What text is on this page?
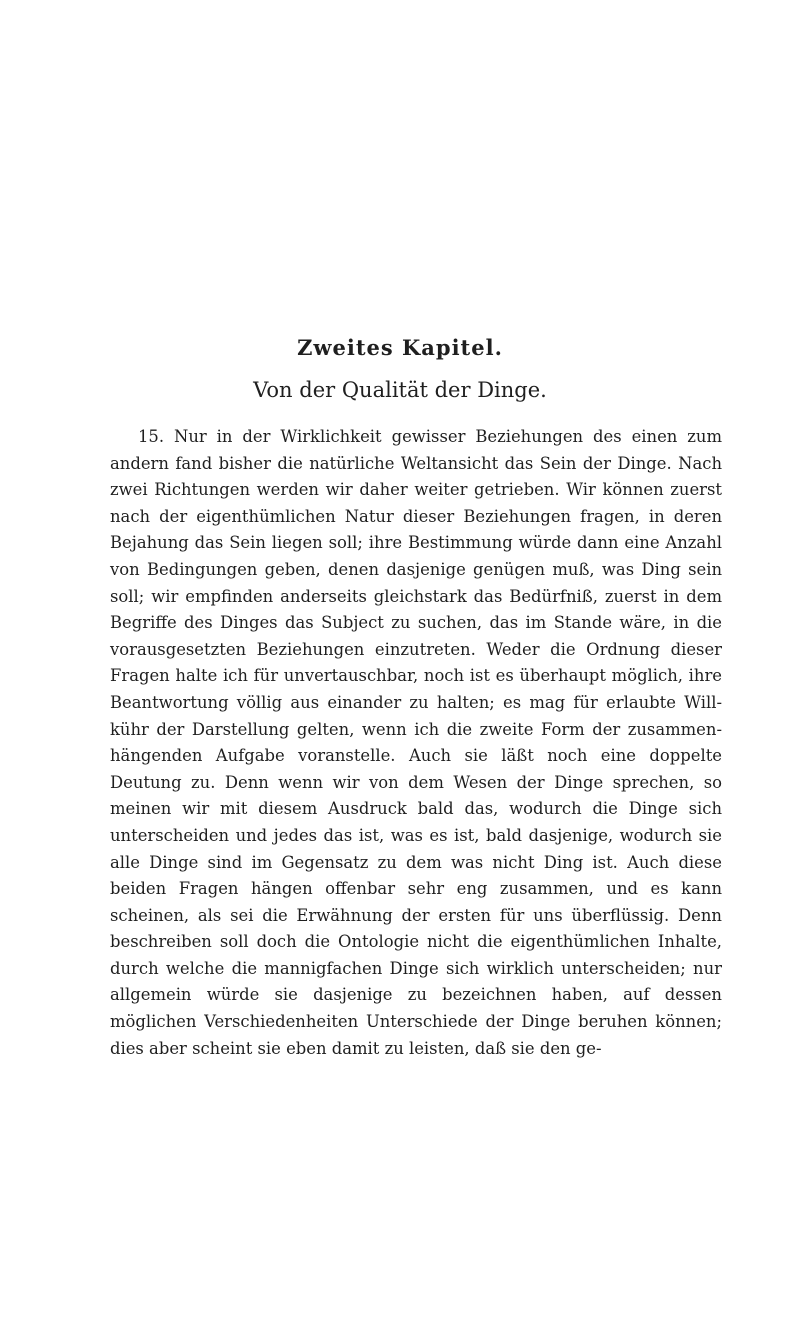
Zweites Kapitel.
Von der Qualität der Dinge.

15. Nur in der Wirklichkeit gewisser Beziehungen des einen zum andern fand bisher die natürliche Weltansicht das Sein der Dinge. Nach zwei Richtungen werden wir daher weiter getrieben. Wir können zuerst nach der eigenthümlichen Natur dieser Beziehungen fragen, in deren Bejahung das Sein liegen soll; ihre Bestimmung würde dann eine Anzahl von Bedingungen geben, denen dasjenige genügen muß, was Ding sein soll; wir empfinden anderseits gleichstark das Bedürfniß, zuerst in dem Begriffe des Dinges das Subject zu suchen, das im Stande wäre, in die vorausgesetzten Beziehungen einzutreten. Weder die Ordnung dieser Fragen halte ich für unvertauschbar, noch ist es überhaupt möglich, ihre Beantwortung völlig aus einander zu halten; es mag für erlaubte Willkühr der Darstellung gelten, wenn ich die zweite Form der zusammenhängenden Aufgabe voranstelle. Auch sie läßt noch eine doppelte Deutung zu. Denn wenn wir von dem Wesen der Dinge sprechen, so meinen wir mit diesem Ausdruck bald das, wodurch die Dinge sich unterscheiden und jedes das ist, was es ist, bald dasjenige, wodurch sie alle Dinge sind im Gegensatz zu dem was nicht Ding ist. Auch diese beiden Fragen hängen offenbar sehr eng zusammen, und es kann scheinen, als sei die Erwähnung der ersten für uns überflüssig. Denn beschreiben soll doch die Ontologie nicht die eigenthümlichen Inhalte, durch welche die mannigfachen Dinge sich wirklich unterscheiden; nur allgemein würde sie dasjenige zu bezeichnen haben, auf dessen möglichen Verschiedenheiten Unterschiede der Dinge beruhen können; dies aber scheint sie eben damit zu leisten, daß sie den ge-
